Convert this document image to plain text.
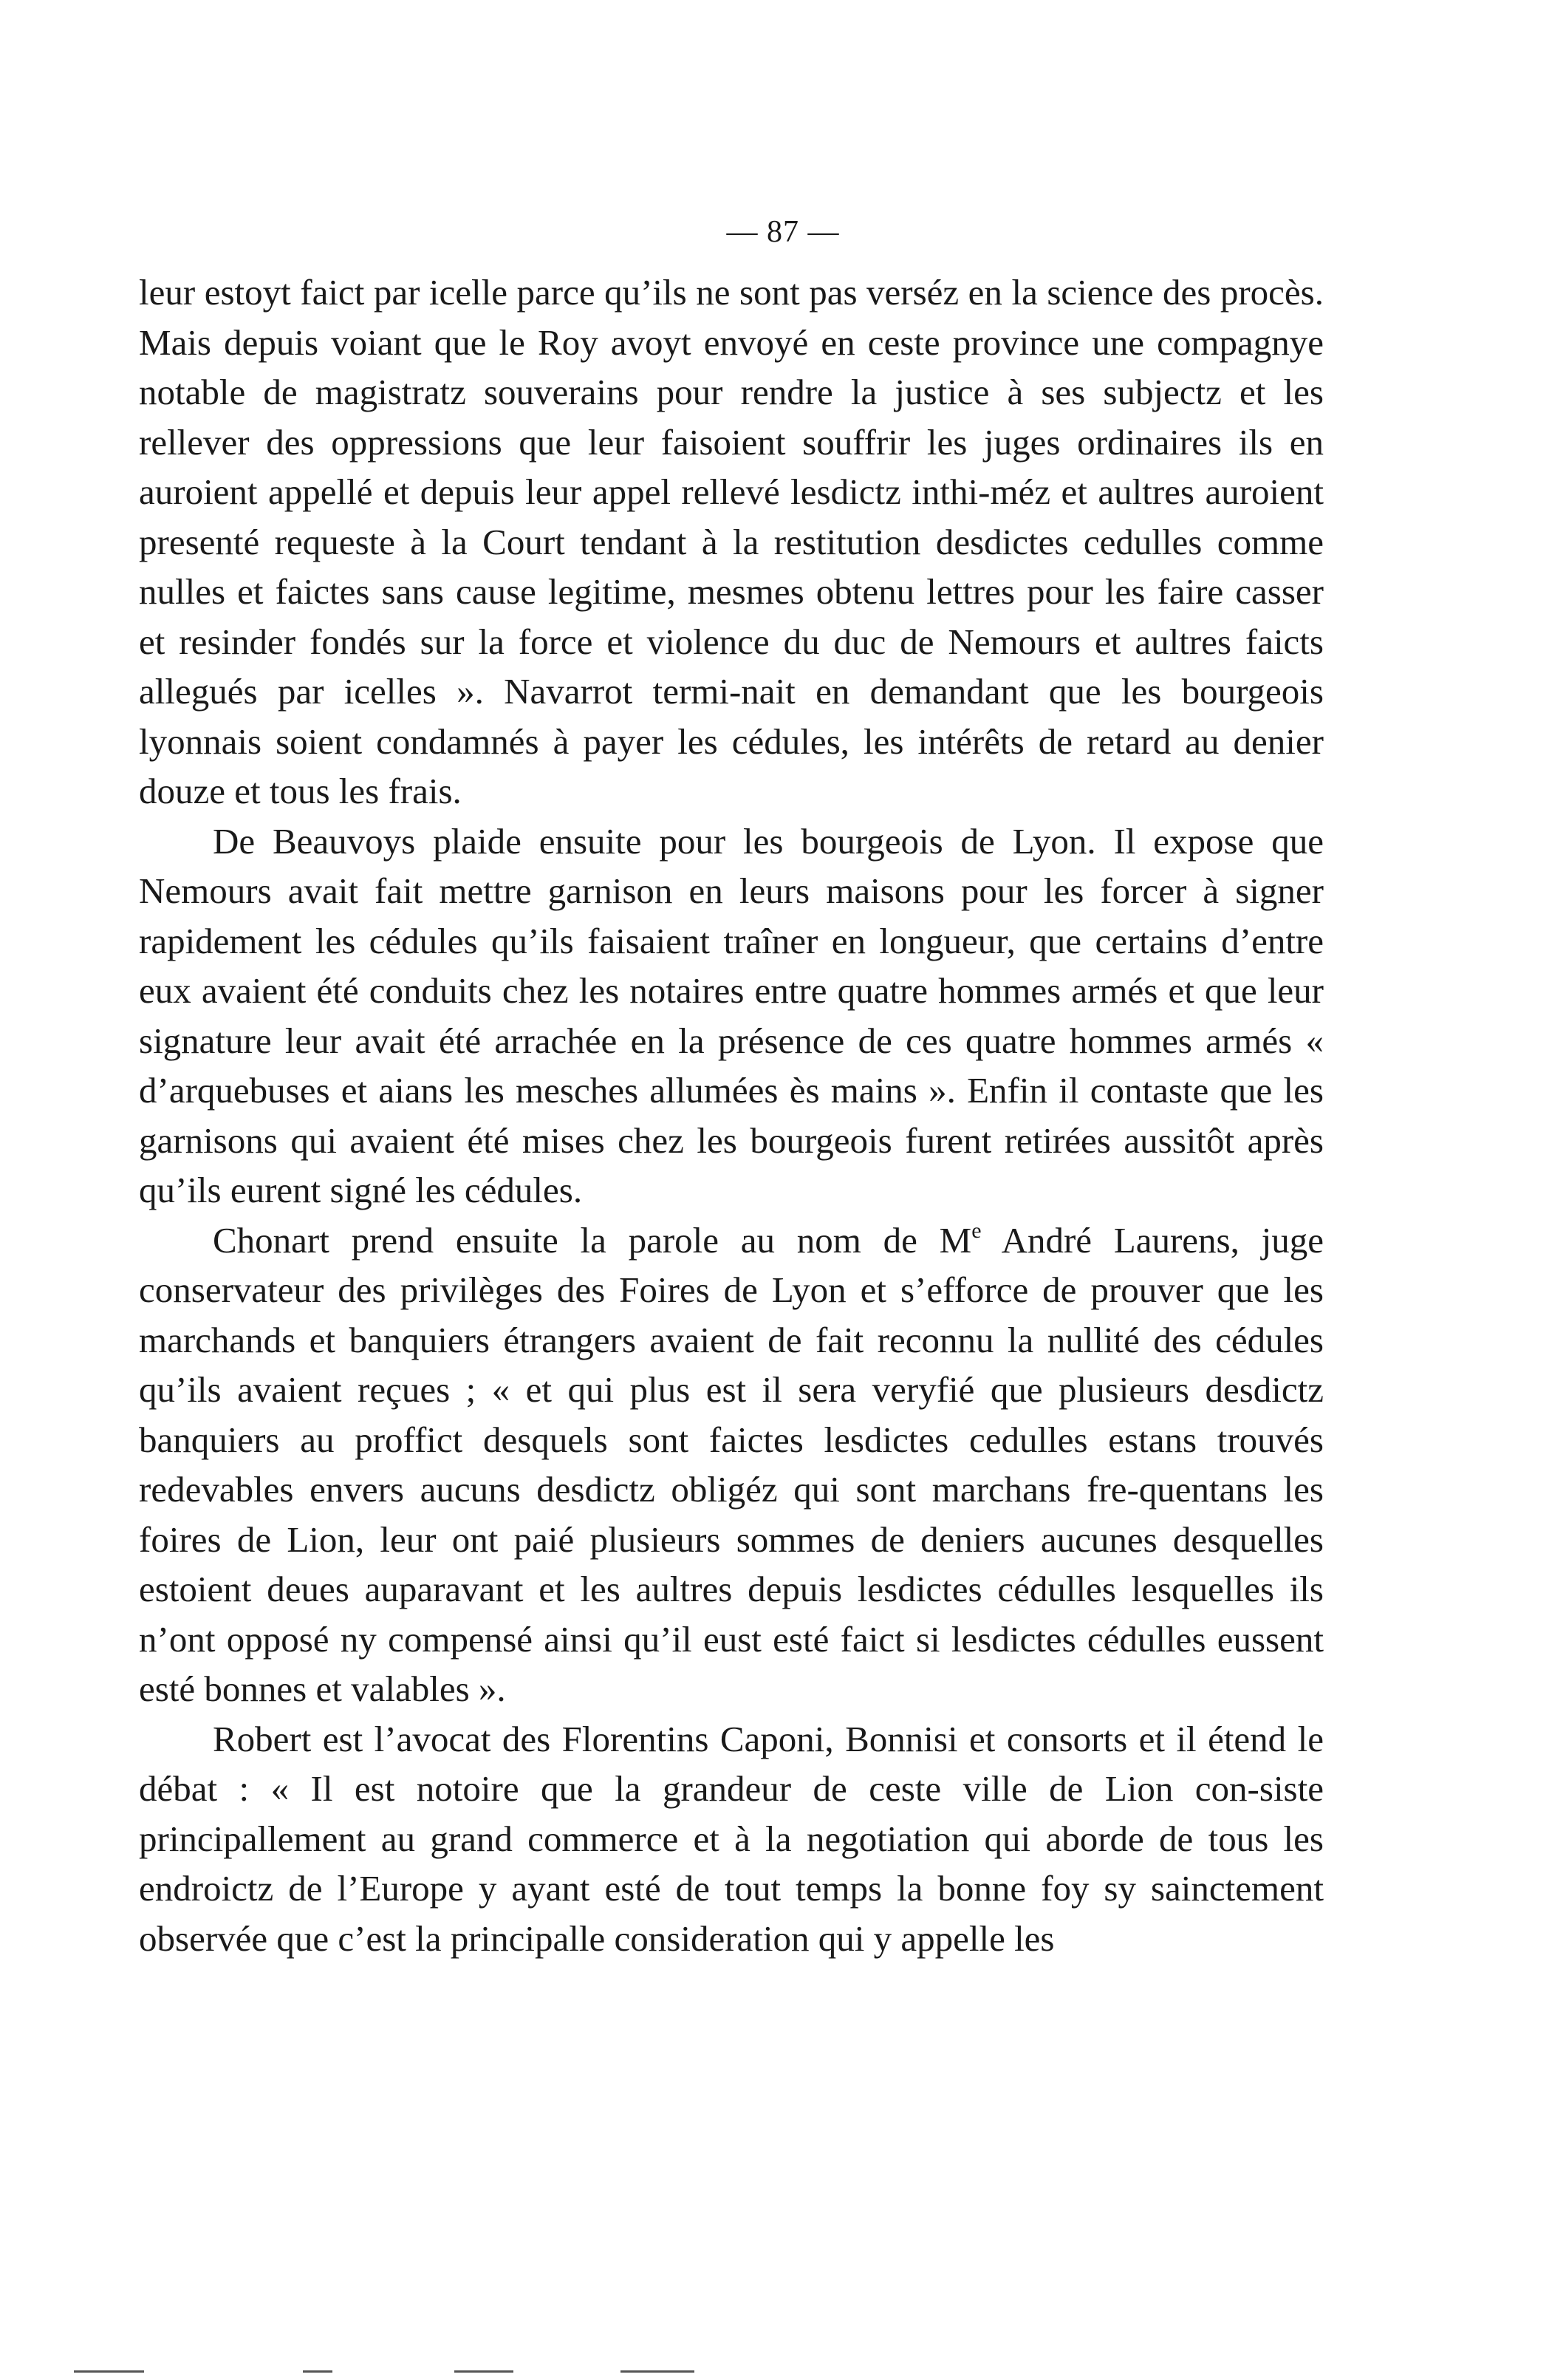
— 87 —

leur estoyt faict par icelle parce qu’ils ne sont pas verséz en la science des procès. Mais depuis voiant que le Roy avoyt envoyé en ceste province une compagnye notable de magistratz souverains pour rendre la justice à ses subjectz et les rellever des oppressions que leur faisoient souffrir les juges ordinaires ils en auroient appellé et depuis leur appel rellevé lesdictz inthi-méz et aultres auroient presenté requeste à la Court tendant à la restitution desdictes cedulles comme nulles et faictes sans cause legitime, mesmes obtenu lettres pour les faire casser et resinder fondés sur la force et violence du duc de Nemours et aultres faicts allegués par icelles ». Navarrot termi-nait en demandant que les bourgeois lyonnais soient condamnés à payer les cédules, les intérêts de retard au denier douze et tous les frais.

De Beauvoys plaide ensuite pour les bourgeois de Lyon. Il expose que Nemours avait fait mettre garnison en leurs maisons pour les forcer à signer rapidement les cédules qu’ils faisaient traîner en longueur, que certains d’entre eux avaient été conduits chez les notaires entre quatre hommes armés et que leur signature leur avait été arrachée en la présence de ces quatre hommes armés « d’arquebuses et aians les mesches allumées ès mains ». Enfin il contaste que les garnisons qui avaient été mises chez les bourgeois furent retirées aussitôt après qu’ils eurent signé les cédules.

Chonart prend ensuite la parole au nom de Me André Laurens, juge conservateur des privilèges des Foires de Lyon et s’efforce de prouver que les marchands et banquiers étrangers avaient de fait reconnu la nullité des cédules qu’ils avaient reçues ; « et qui plus est il sera veryfié que plusieurs desdictz banquiers au proffict desquels sont faictes lesdictes cedulles estans trouvés redevables envers aucuns desdictz obligéz qui sont marchans fre-quentans les foires de Lion, leur ont paié plusieurs sommes de deniers aucunes desquelles estoient deues auparavant et les aultres depuis lesdictes cédulles lesquelles ils n’ont opposé ny compensé ainsi qu’il eust esté faict si lesdictes cédulles eussent esté bonnes et valables ».

Robert est l’avocat des Florentins Caponi, Bonnisi et consorts et il étend le débat : « Il est notoire que la grandeur de ceste ville de Lion con-siste principallement au grand commerce et à la negotiation qui aborde de tous les endroictz de l’Europe y ayant esté de tout temps la bonne foy sy sainctement observée que c’est la principalle consideration qui y appelle les
